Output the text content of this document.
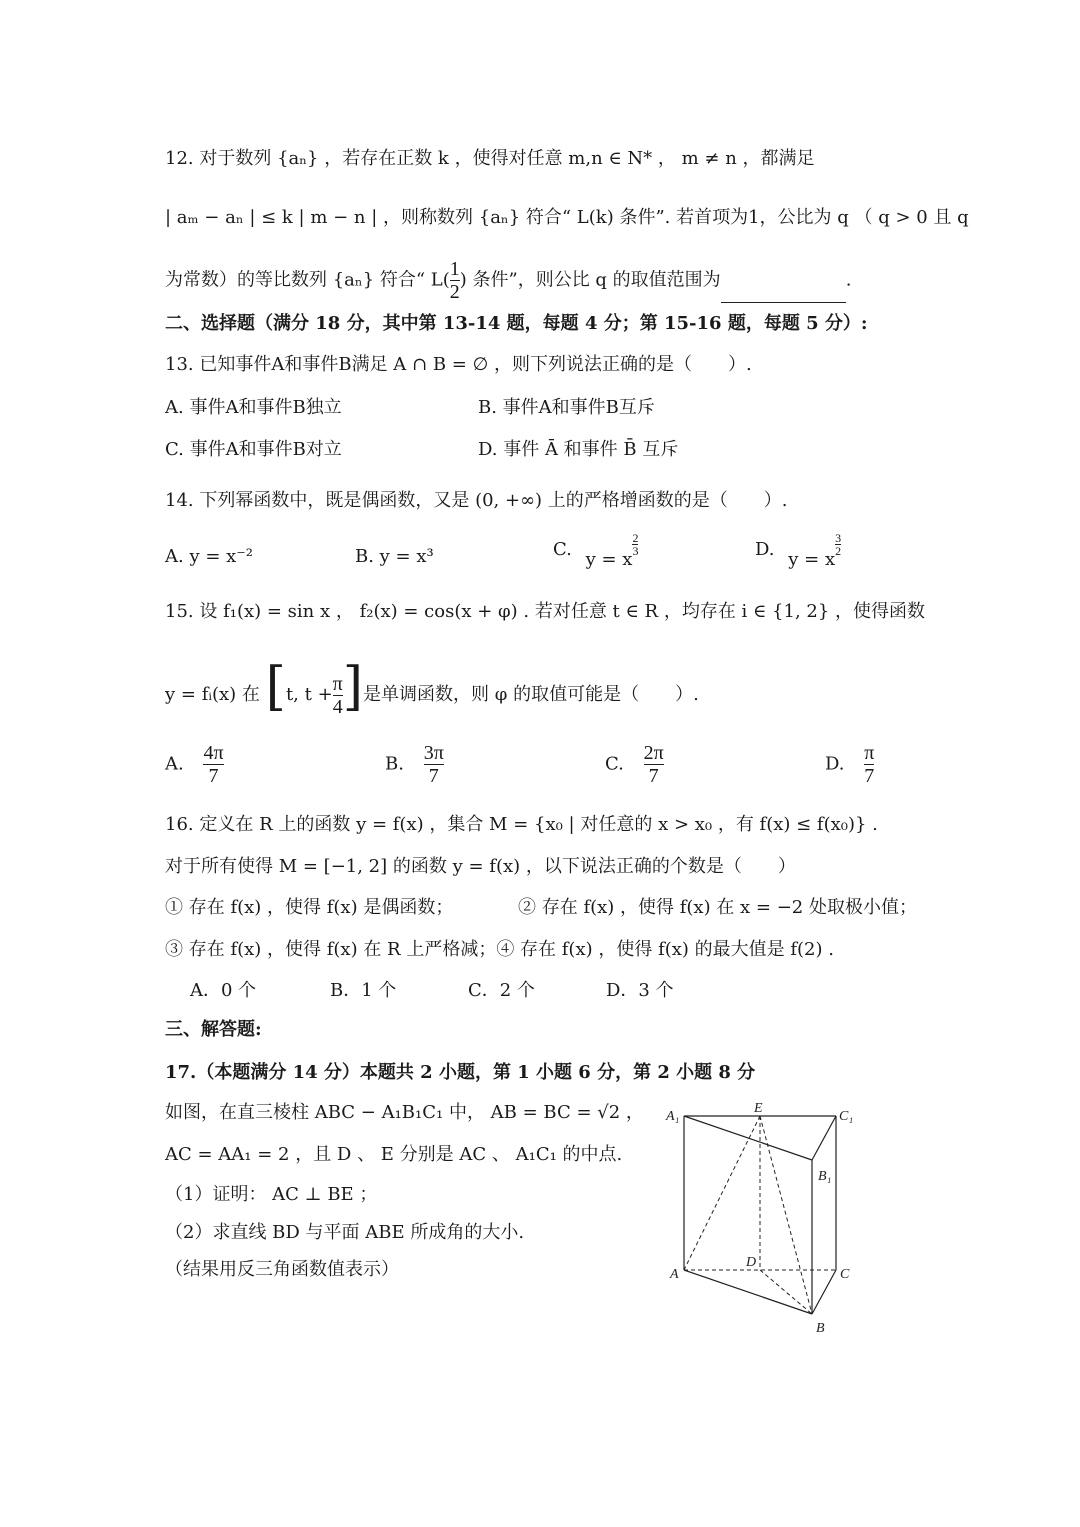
12. 对于数列 {aₙ} ，若存在正数 k ，使得对任意 m,n ∈ N* ， m ≠ n ，都满足
| aₘ − aₙ | ≤ k | m − n | ，则称数列 {aₙ} 符合“ L(k) 条件”. 若首项为1，公比为 q （ q > 0 且 q
为常数）的等比数列 {aₙ} 符合“ $L( \frac{1}{2}$ ) 条件”，则公比 q 的取值范围为	.
二、选择题（满分 18 分，其中第 13-14 题，每题 4 分；第 15-16 题，每题 5 分）:
13. 已知事件A和事件B满足 A ∩ B = ∅ ，则下列说法正确的是（　　）.
A. 事件A和事件B独立	B. 事件A和事件B互斥
C. 事件A和事件B对立	D. 事件 Ā 和事件 B̄ 互斥
14. 下列幂函数中，既是偶函数，又是 (0, +∞) 上的严格增函数的是（　　）.
A. y = x⁻²	B. y = x³	C. y = x
$\frac{2}{3}$	D. y = x
$\frac{3}{2}$
15. 设 f₁(x) = sin x ， f₂(x) = cos(x + φ) . 若对任意 t ∈ R ，均存在 i ∈ {1, 2} ，使得函数
y = fᵢ(x) 在 [t, $t + \frac{\pi}{4}$ ]是单调函数，则 φ 的取值可能是（　　）.
A. $\frac{4\pi}{7}$	B. $\frac{3\pi}{7}$	C. $\frac{2\pi}{7}$	D. $\frac{\pi}{7}$
16. 定义在 R 上的函数 y = f(x) ，集合 M = {x₀ | 对任意的 x > x₀ ，有 f(x) ≤ f(x₀)} .
对于所有使得 M = [−1, 2] 的函数 y = f(x) ，以下说法正确的个数是（　　）
① 存在 f(x) ，使得 f(x) 是偶函数；	② 存在 f(x) ，使得 f(x) 在 x = −2 处取极小值；
③ 存在 f(x) ，使得 f(x) 在 R 上严格减；④ 存在 f(x) ，使得 f(x) 的最大值是 f(2) .
A．0 个	B．1 个	C．2 个	D．3 个
三、解答题:
17.（本题满分 14 分）本题共 2 小题，第 1 小题 6 分，第 2 小题 8 分
如图，在直三棱柱 ABC − A₁B₁C₁ 中， AB = BC = √2 ，
AC = AA₁ = 2 ，且 D 、 E 分别是 AC 、 A₁C₁ 的中点.
（1）证明： AC ⊥ BE ；
（2）求直线 BD 与平面 ABE 所成角的大小.
（结果用反三角函数值表示）
A₁
E
C₁
B₁
A
D
C
B
